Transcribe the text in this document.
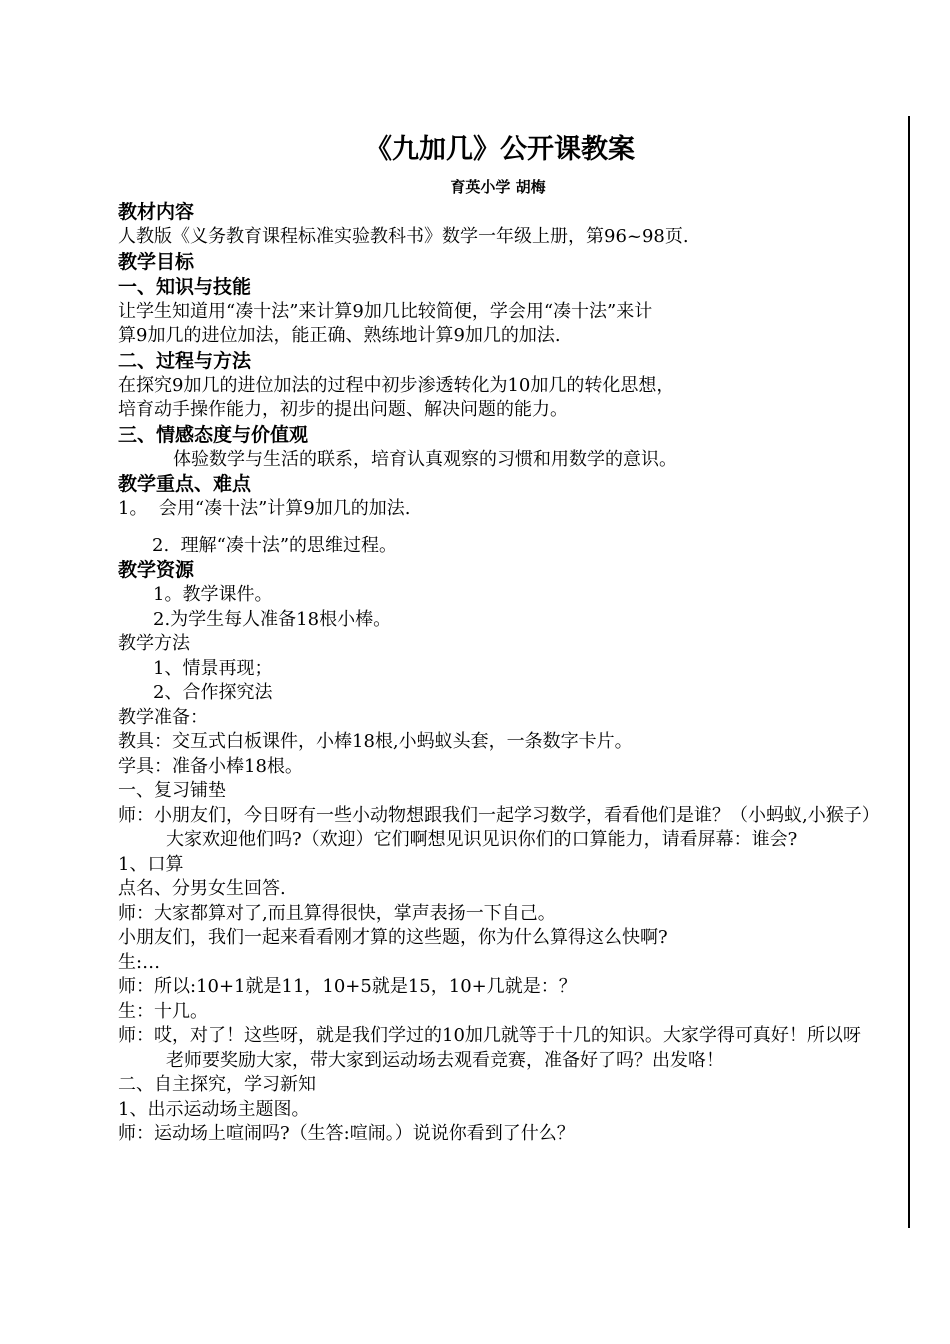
《九加几》公开课教案
育英小学 胡梅
教材内容
人教版《义务教育课程标准实验教科书》数学一年级上册，第96~98页.
教学目标
一、知识与技能
让学生知道用“凑十法”来计算9加几比较简便，学会用“凑十法”来计
算9加几的进位加法，能正确、熟练地计算9加几的加法.
二、过程与方法
在探究9加几的进位加法的过程中初步渗透转化为10加几的转化思想，
培育动手操作能力，初步的提出问题、解决问题的能力。
三、情感态度与价值观
体验数学与生活的联系，培育认真观察的习惯和用数学的意识。
教学重点、难点
1。  会用“凑十法”计算9加几的加法.
2.  理解“凑十法”的思维过程。
教学资源
1。教学课件。
2.为学生每人准备18根小棒。
教学方法
1、情景再现；
2、合作探究法
教学准备：
教具：交互式白板课件，小棒18根,小蚂蚁头套，一条数字卡片。
学具：准备小棒18根。
一、复习铺垫
师：小朋友们，今日呀有一些小动物想跟我们一起学习数学，看看他们是谁？（小蚂蚁,小猴子）大家欢迎他们吗?（欢迎）它们啊想见识见识你们的口算能力，请看屏幕：谁会?
1、口算
点名、分男女生回答.
师：大家都算对了,而且算得很快，掌声表扬一下自己。
小朋友们，我们一起来看看刚才算的这些题，你为什么算得这么快啊?
生:…
师：所以:10+1就是11，10+5就是15，10+几就是：？
生：十几。
师：哎，对了！这些呀，就是我们学过的10加几就等于十几的知识。大家学得可真好！所以呀老师要奖励大家，带大家到运动场去观看竞赛，准备好了吗？出发咯！
二、自主探究，学习新知
1、出示运动场主题图。
师：运动场上喧闹吗?（生答:喧闹。）说说你看到了什么？
